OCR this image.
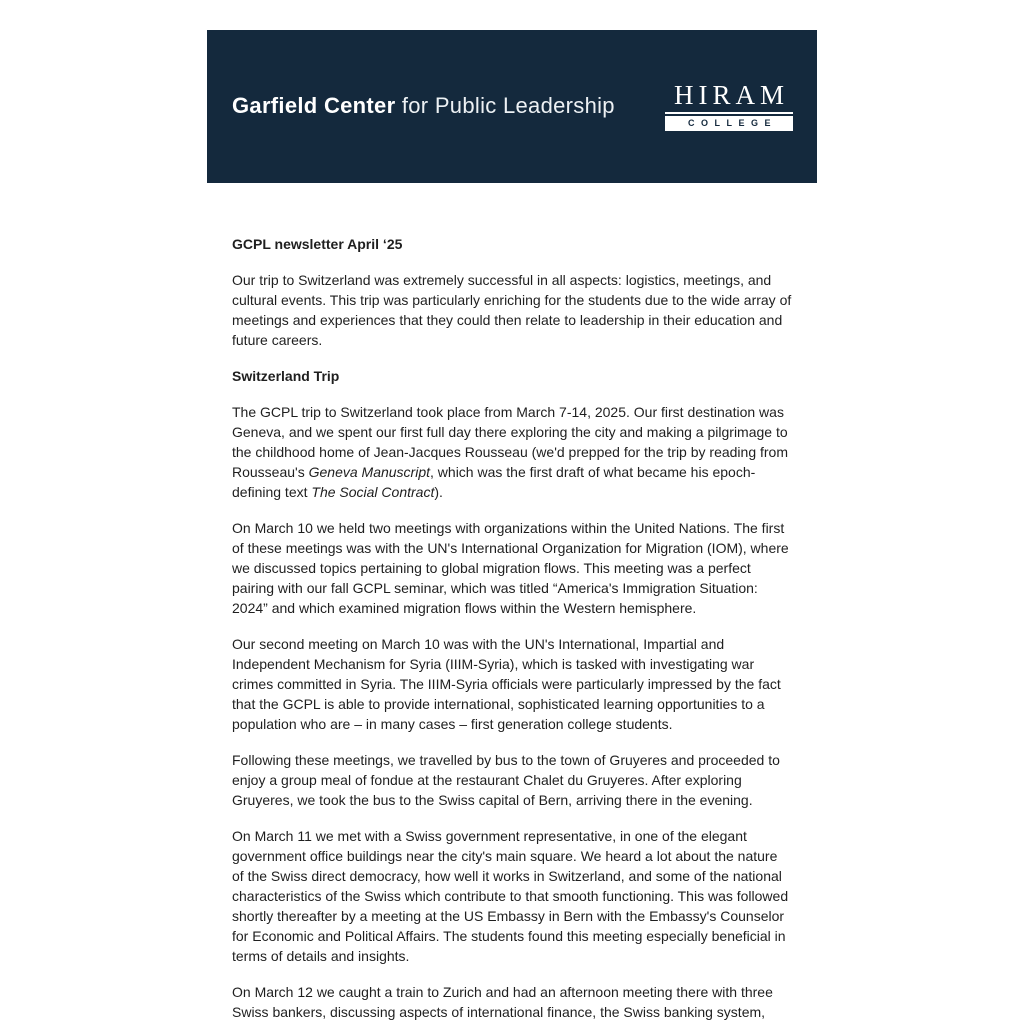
Garfield Center for Public Leadership	HIRAM
COLLEGE
GCPL newsletter April ‘25

Our trip to Switzerland was extremely successful in all aspects: logistics, meetings, and cultural events. This trip was particularly enriching for the students due to the wide array of meetings and experiences that they could then relate to leadership in their education and future careers.

Switzerland Trip

The GCPL trip to Switzerland took place from March 7-14, 2025. Our first destination was Geneva, and we spent our first full day there exploring the city and making a pilgrimage to the childhood home of Jean-Jacques Rousseau (we'd prepped for the trip by reading from Rousseau's Geneva Manuscript, which was the first draft of what became his epoch-defining text The Social Contract).

On March 10 we held two meetings with organizations within the United Nations. The first of these meetings was with the UN's International Organization for Migration (IOM), where we discussed topics pertaining to global migration flows. This meeting was a perfect pairing with our fall GCPL seminar, which was titled “America's Immigration Situation: 2024” and which examined migration flows within the Western hemisphere.

Our second meeting on March 10 was with the UN's International, Impartial and Independent Mechanism for Syria (IIIM-Syria), which is tasked with investigating war crimes committed in Syria. The IIIM-Syria officials were particularly impressed by the fact that the GCPL is able to provide international, sophisticated learning opportunities to a population who are – in many cases – first generation college students.

Following these meetings, we travelled by bus to the town of Gruyeres and proceeded to enjoy a group meal of fondue at the restaurant Chalet du Gruyeres. After exploring Gruyeres, we took the bus to the Swiss capital of Bern, arriving there in the evening.

On March 11 we met with a Swiss government representative, in one of the elegant government office buildings near the city's main square. We heard a lot about the nature of the Swiss direct democracy, how well it works in Switzerland, and some of the national characteristics of the Swiss which contribute to that smooth functioning. This was followed shortly thereafter by a meeting at the US Embassy in Bern with the Embassy's Counselor for Economic and Political Affairs. The students found this meeting especially beneficial in terms of details and insights.

On March 12 we caught a train to Zurich and had an afternoon meeting there with three Swiss bankers, discussing aspects of international finance, the Swiss banking system,
